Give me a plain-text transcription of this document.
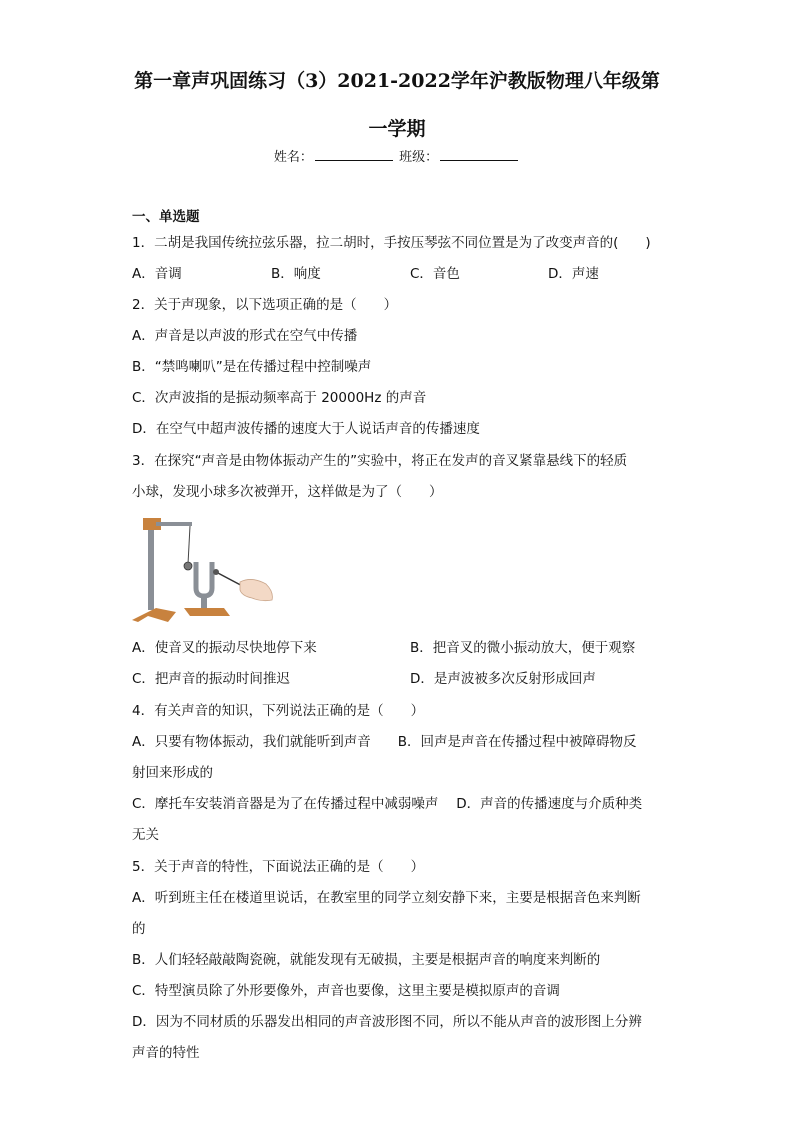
第一章声巩固练习（3）2021-2022学年沪教版物理八年级第
一学期
姓名：	班级：
一、单选题
1．二胡是我国传统拉弦乐器，拉二胡时，手按压琴弦不同位置是为了改变声音的(　　)
A．音调	B．响度	C．音色	D．声速
2．关于声现象，以下选项正确的是（　　）
A．声音是以声波的形式在空气中传播
B．“禁鸣喇叭”是在传播过程中控制噪声
C．次声波指的是振动频率高于 20000Hz 的声音
D．在空气中超声波传播的速度大于人说话声音的传播速度
3．在探究“声音是由物体振动产生的”实验中，将正在发声的音叉紧靠悬线下的轻质
小球，发现小球多次被弹开，这样做是为了（　　）
A．使音叉的振动尽快地停下来	B．把音叉的微小振动放大，便于观察
C．把声音的振动时间推迟	D．是声波被多次反射形成回声
4．有关声音的知识，下列说法正确的是（　　）
A．只要有物体振动，我们就能听到声音　　B．回声是声音在传播过程中被障碍物反
射回来形成的
C．摩托车安装消音器是为了在传播过程中减弱噪声　 D．声音的传播速度与介质种类
无关
5．关于声音的特性，下面说法正确的是（　　）
A．听到班主任在楼道里说话，在教室里的同学立刻安静下来，主要是根据音色来判断
的
B．人们轻轻敲敲陶瓷碗，就能发现有无破损，主要是根据声音的响度来判断的
C．特型演员除了外形要像外，声音也要像，这里主要是模拟原声的音调
D．因为不同材质的乐器发出相同的声音波形图不同，所以不能从声音的波形图上分辨
声音的特性
